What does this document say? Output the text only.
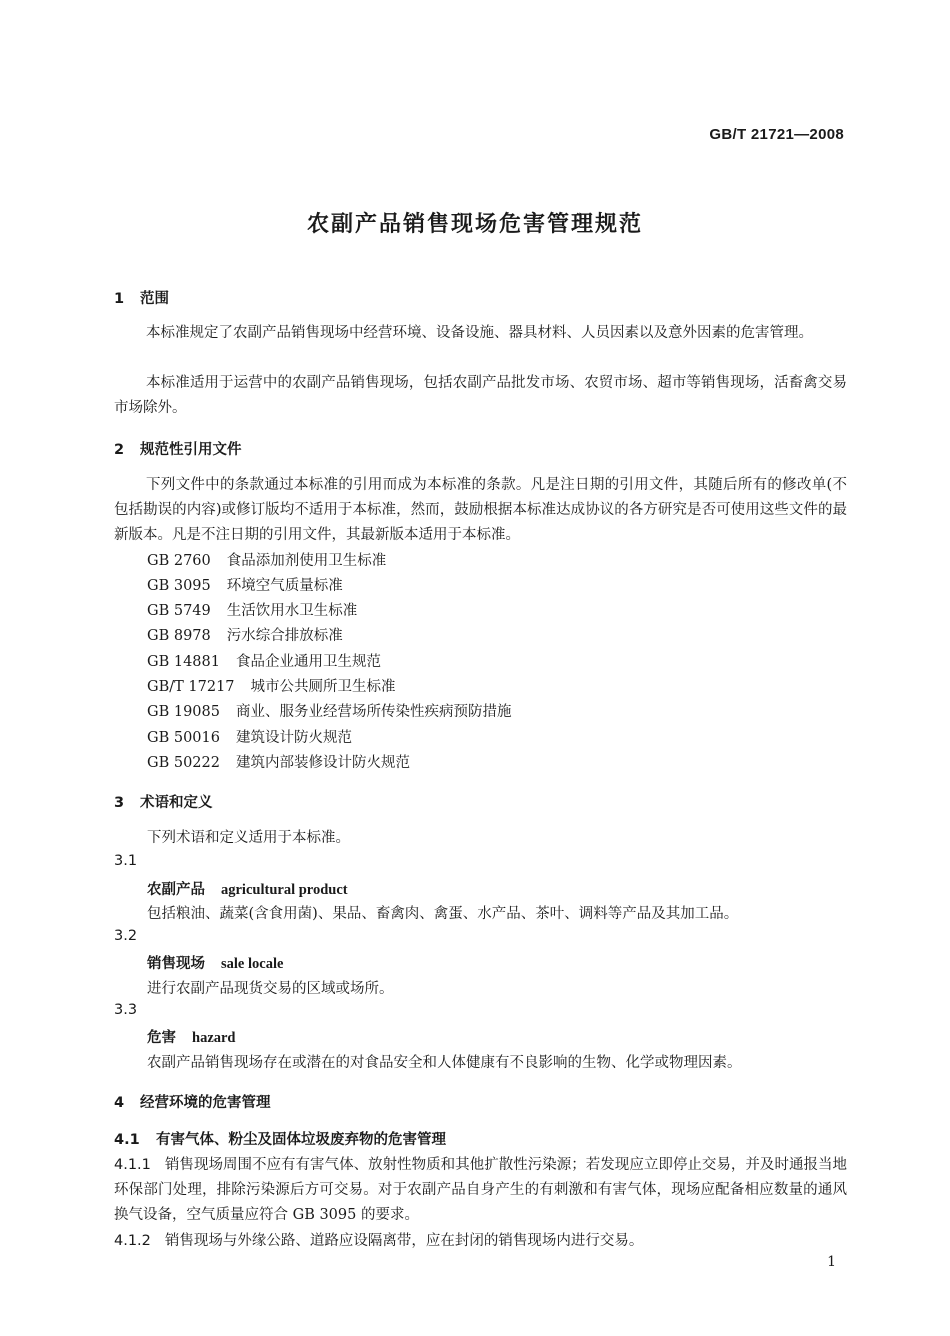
GB/T 21721—2008
农副产品销售现场危害管理规范
1 范围
本标准规定了农副产品销售现场中经营环境、设备设施、器具材料、人员因素以及意外因素的危害管理。
本标准适用于运营中的农副产品销售现场，包括农副产品批发市场、农贸市场、超市等销售现场，活畜禽交易市场除外。
2 规范性引用文件
下列文件中的条款通过本标准的引用而成为本标准的条款。凡是注日期的引用文件，其随后所有的修改单(不包括勘误的内容)或修订版均不适用于本标准，然而，鼓励根据本标准达成协议的各方研究是否可使用这些文件的最新版本。凡是不注日期的引用文件，其最新版本适用于本标准。
GB 2760 食品添加剂使用卫生标准
GB 3095 环境空气质量标准
GB 5749 生活饮用水卫生标准
GB 8978 污水综合排放标准
GB 14881 食品企业通用卫生规范
GB/T 17217 城市公共厕所卫生标准
GB 19085 商业、服务业经营场所传染性疾病预防措施
GB 50016 建筑设计防火规范
GB 50222 建筑内部装修设计防火规范
3 术语和定义
下列术语和定义适用于本标准。
3.1
农副产品 agricultural product
包括粮油、蔬菜(含食用菌)、果品、畜禽肉、禽蛋、水产品、茶叶、调料等产品及其加工品。
3.2
销售现场 sale locale
进行农副产品现货交易的区域或场所。
3.3
危害 hazard
农副产品销售现场存在或潜在的对食品安全和人体健康有不良影响的生物、化学或物理因素。
4 经营环境的危害管理
4.1 有害气体、粉尘及固体垃圾废弃物的危害管理
4.1.1 销售现场周围不应有有害气体、放射性物质和其他扩散性污染源；若发现应立即停止交易，并及时通报当地环保部门处理，排除污染源后方可交易。对于农副产品自身产生的有刺激和有害气体，现场应配备相应数量的通风换气设备，空气质量应符合 GB 3095 的要求。
4.1.2 销售现场与外缘公路、道路应设隔离带，应在封闭的销售现场内进行交易。
1
